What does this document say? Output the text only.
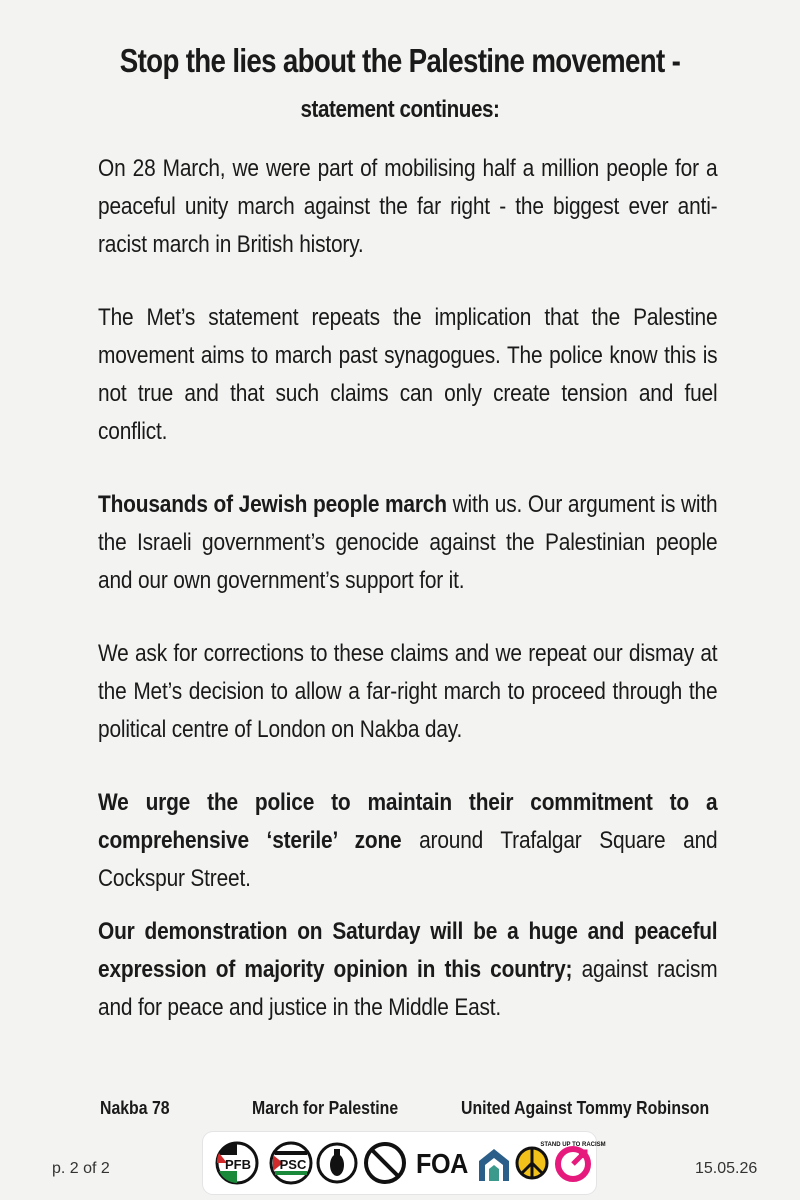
Stop the lies about the Palestine movement -
statement continues:

On 28 March, we were part of mobilising half a million people for a peaceful unity march against the far right - the biggest ever anti-racist march in British history.

The Met’s statement repeats the implication that the Palestine movement aims to march past synagogues. The police know this is not true and that such claims can only create tension and fuel conflict.

Thousands of Jewish people march with us. Our argument is with the Israeli government’s genocide against the Palestinian people and our own government’s support for it.

We ask for corrections to these claims and we repeat our dismay at the Met’s decision to allow a far-right march to proceed through the political centre of London on Nakba day.

We urge the police to maintain their commitment to a comprehensive ‘sterile’ zone around Trafalgar Square and Cockspur Street.

Our demonstration on Saturday will be a huge and peaceful expression of majority opinion in this country; against racism and for peace and justice in the Middle East.

Nakba 78	March for Palestine	United Against Tommy Robinson
p. 2 of 2	15.05.26
PFB PSC	FOA
STAND UP TO RACISM
